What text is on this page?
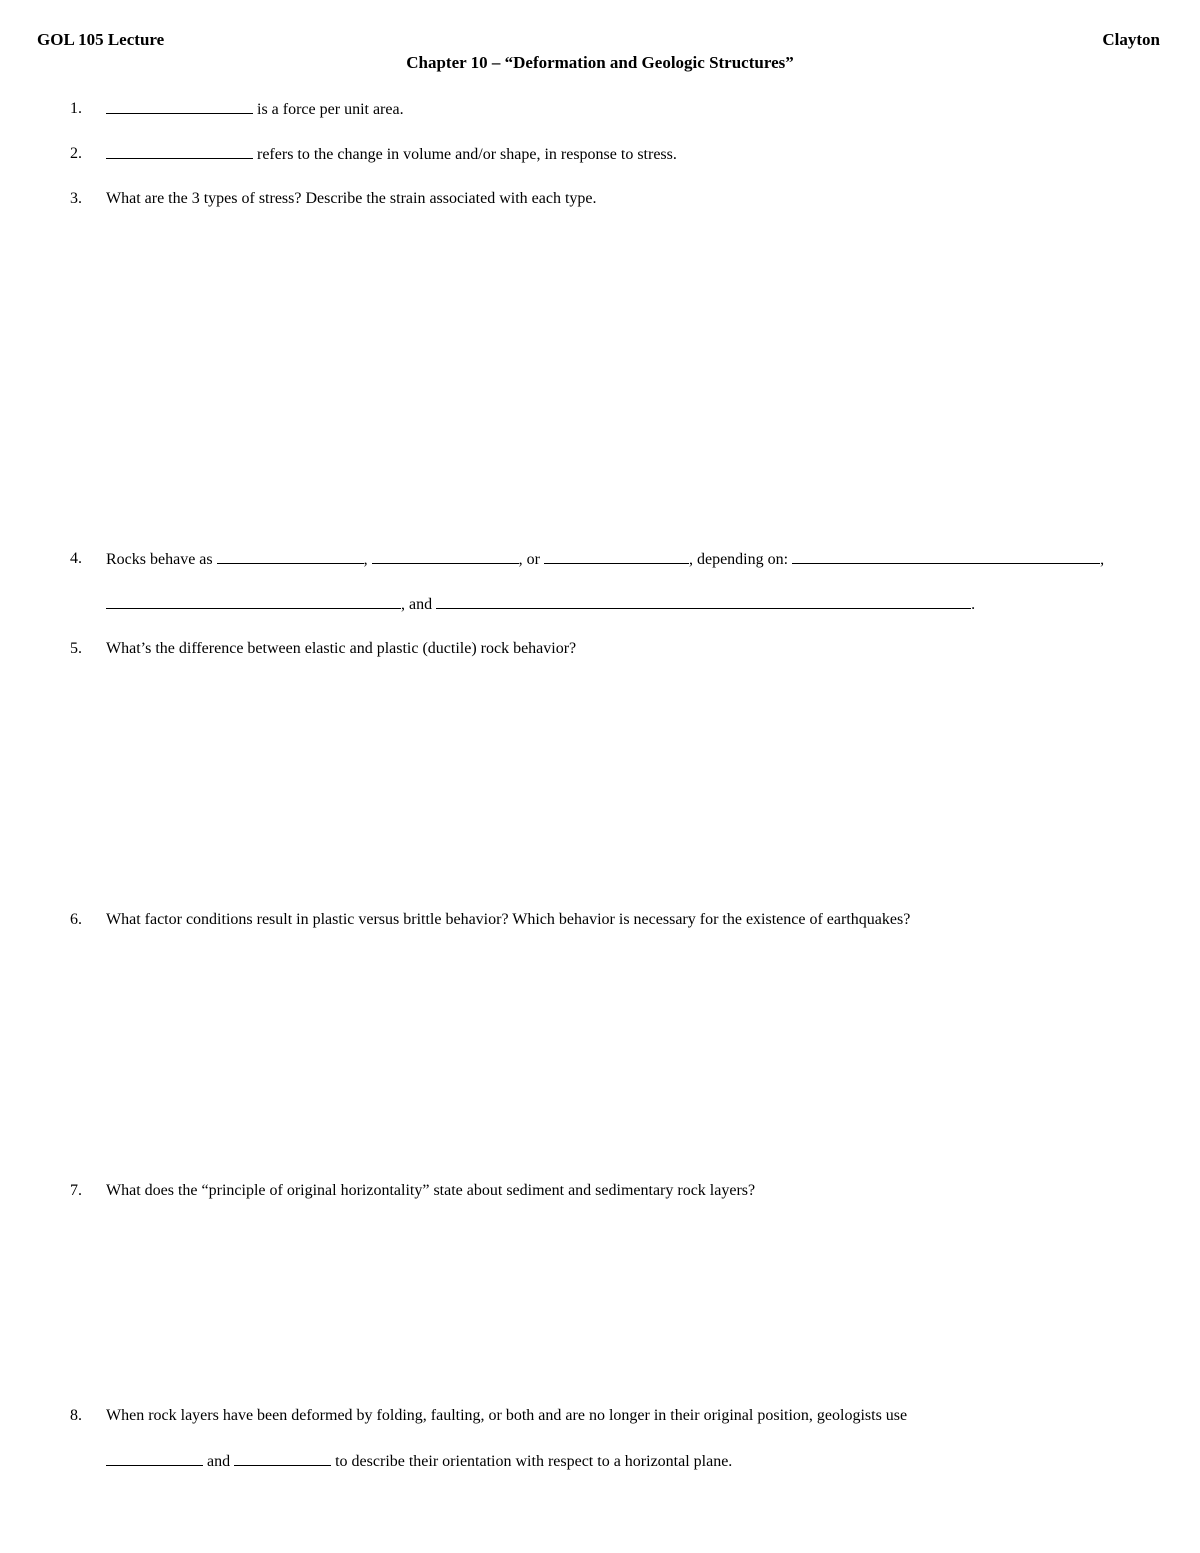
GOL 105 Lecture	Clayton
Chapter 10 – “Deformation and Geologic Structures”
1.	is a force per unit area.
2.	refers to the change in volume and/or shape, in response to stress.
3. What are the 3 types of stress? Describe the strain associated with each type.
4. Rocks behave as	,	, or	, depending on:	,
, and	.
5. What’s the difference between elastic and plastic (ductile) rock behavior?
6. What factor conditions result in plastic versus brittle behavior? Which behavior is necessary for the existence of earthquakes?
7. What does the “principle of original horizontality” state about sediment and sedimentary rock layers?
8. When rock layers have been deformed by folding, faulting, or both and are no longer in their original position, geologists use
and	to describe their orientation with respect to a horizontal plane.
